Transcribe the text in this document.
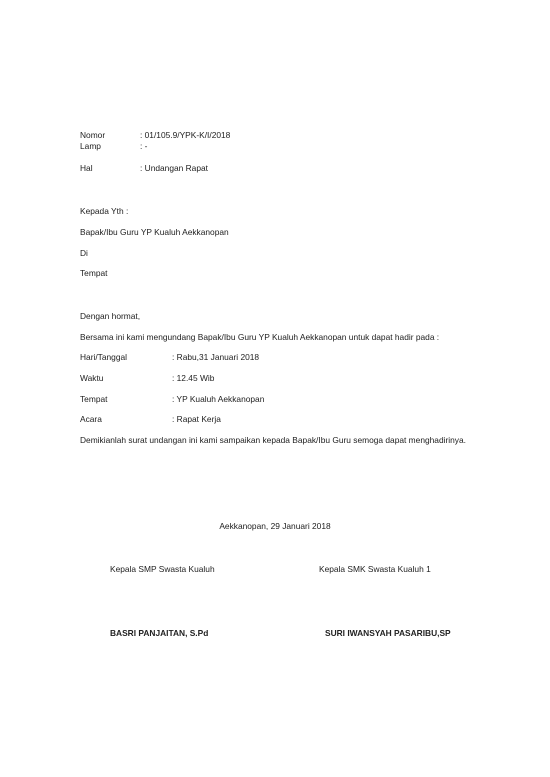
Nomor	: 01/105.9/YPK-K/I/2018
Lamp	: -
Hal	: Undangan Rapat
Kepada Yth :
Bapak/Ibu Guru YP Kualuh Aekkanopan
Di
Tempat
Dengan hormat,
Bersama ini kami mengundang Bapak/Ibu Guru YP Kualuh Aekkanopan untuk dapat hadir pada :
Hari/Tanggal	: Rabu,31 Januari 2018
Waktu	: 12.45 Wib
Tempat	: YP Kualuh Aekkanopan
Acara	: Rapat Kerja
Demikianlah surat undangan ini kami sampaikan kepada Bapak/Ibu Guru semoga dapat menghadirinya.
Aekkanopan, 29 Januari 2018
Kepala SMP Swasta Kualuh	Kepala SMK Swasta Kualuh 1
BASRI PANJAITAN, S.Pd	SURI IWANSYAH PASARIBU,SP
